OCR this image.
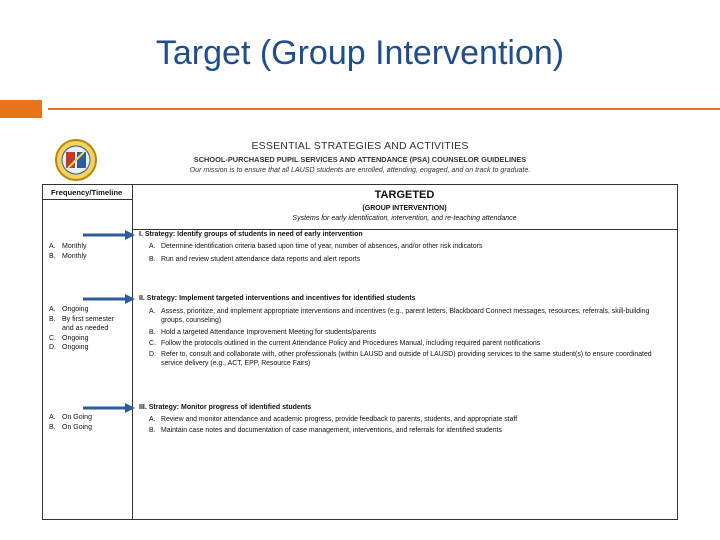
Target (Group Intervention)
ESSENTIAL STRATEGIES AND ACTIVITIES
SCHOOL-PURCHASED PUPIL SERVICES AND ATTENDANCE (PSA) COUNSELOR GUIDELINES
Our mission is to ensure that all LAUSD students are enrolled, attending, engaged, and on track to graduate.
Frequency/Timeline	TARGETED
(GROUP INTERVENTION)
Systems for early identification, intervention, and re-teaching attendance
A. Monthly
B. Monthly
A. Ongoing
B. By first semester and as needed
C. Ongoing
D. Ongoing
A. On Going
B. On Going
I. Strategy: Identify groups of students in need of early intervention
A. Determine identification criteria based upon time of year, number of absences, and/or other risk indicators
B. Run and review student attendance data reports and alert reports
II. Strategy: Implement targeted interventions and incentives for identified students
A. Assess, prioritize, and implement appropriate interventions and incentives (e.g., parent letters, Blackboard Connect messages, resources, referrals, skill-building groups, counseling)
B. Hold a targeted Attendance Improvement Meeting for students/parents
C. Follow the protocols outlined in the current Attendance Policy and Procedures Manual, including required parent notifications
D. Refer to, consult and collaborate with, other professionals (within LAUSD and outside of LAUSD) providing services to the same student(s) to ensure coordinated service delivery (e.g., ACT, EPP, Resource Fairs)
III. Strategy: Monitor progress of identified students
A. Review and monitor attendance and academic progress, provide feedback to parents, students, and appropriate staff
B. Maintain case notes and documentation of case management, interventions, and referrals for identified students
